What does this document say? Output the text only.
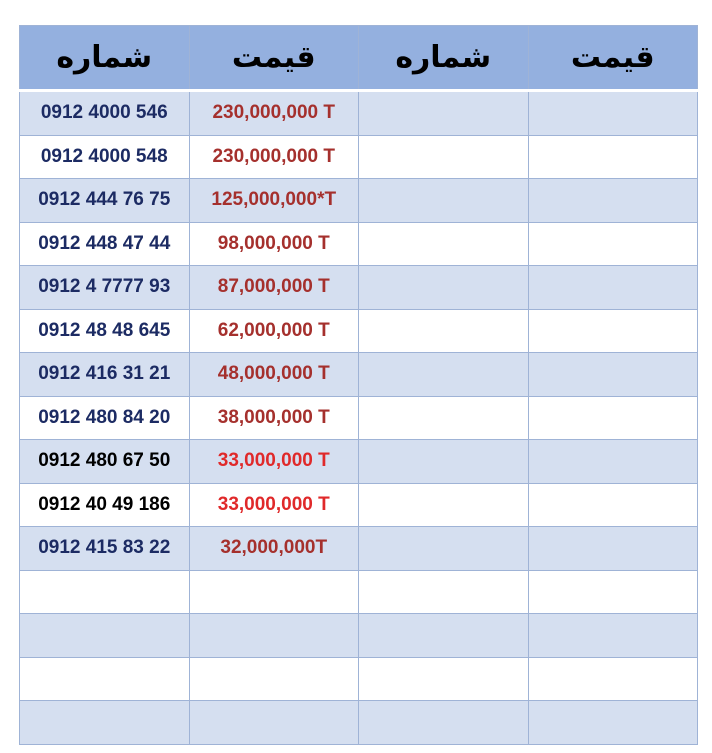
شماره	قیمت	شماره	قیمت
0912 4000 546	230,000,000 T		
0912 4000 548	230,000,000 T		
0912 444 76 75	125,000,000*T		
0912 448 47 44	98,000,000 T		
0912 4 7777 93	87,000,000 T		
0912 48 48 645	62,000,000 T		
0912 416 31 21	48,000,000 T		
0912 480 84 20	38,000,000 T		
0912 480 67 50	33,000,000 T		
0912 40 49 186	33,000,000 T		
0912 415 83 22	32,000,000T		
